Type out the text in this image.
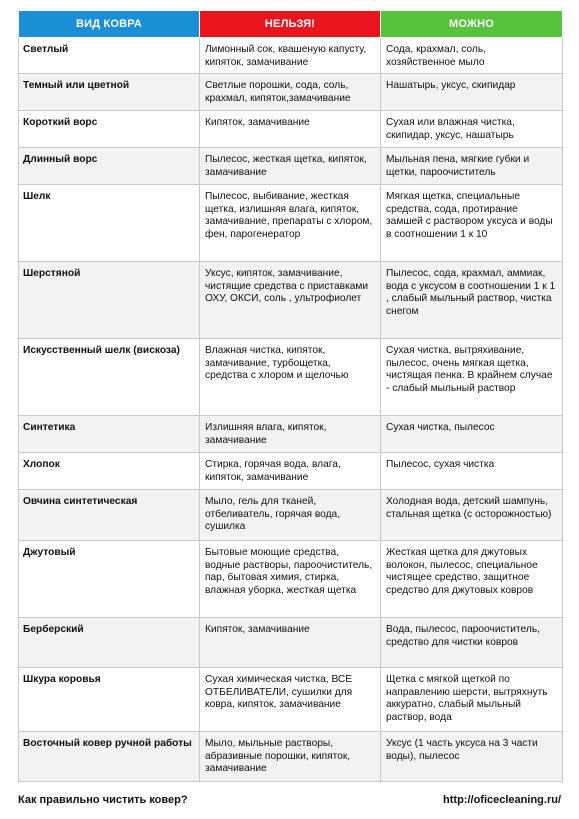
ВИД КОВРА	НЕЛЬЗЯ!	МОЖНО
Светлый	Лимонный сок, квашеную капусту, кипяток, замачивание	Сода, крахмал, соль, хозяйственное мыло
Темный или цветной	Светлые порошки, сода, соль, крахмал, кипяток,замачивание	Нашатырь, уксус, скипидар
Короткий ворс	Кипяток, замачивание	Сухая или влажная чистка, скипидар, уксус, нашатырь
Длинный ворс	Пылесос, жесткая щетка, кипяток, замачивание	Мыльная пена, мягкие губки и щетки, пароочиститель
Шелк	Пылесос, выбивание, жесткая щетка, излишняя влага, кипяток, замачивание, препараты с хлором, фен, парогенератор	Мягкая щетка, специальные средства, сода, протирание замшей с раствором уксуса и воды в соотношении 1 к 10
Шерстяной	Уксус, кипяток, замачивание, чистящие средства с приставками ОХУ, ОКСИ, соль , ультрофиолет	Пылесос, сода, крахмал, аммиак, вода с уксусом в соотношении 1 к 1 , слабый мыльный раствор, чистка снегом
Искусственный шелк (вискоза)	Влажная чистка, кипяток, замачивание, турбощетка, средства с хлором и щелочью	Сухая чистка, вытряхивание, пылесос, очень мягкая щетка, чистящая пенка. В крайнем случае - слабый мыльный раствор
Синтетика	Излишняя влага, кипяток, замачивание	Сухая чистка, пылесос
Хлопок	Стирка, горячая вода, влага, кипяток, замачивание	Пылесос, сухая чистка
Овчина синтетическая	Мыло, гель для тканей, отбеливатель, горячая вода, сушилка	Холодная вода, детский шампунь, стальная щетка (с осторожностью)
Джутовый	Бытовые моющие средства, водные растворы, пароочиститель, пар, бытовая химия, стирка, влажная уборка, жесткая щетка	Жесткая щетка для джутовых волокон, пылесос, специальное чистящее средство, защитное средство для джутовых ковров
Берберский	Кипяток, замачивание	Вода, пылесос, пароочиститель, средство для чистки ковров
Шкура коровья	Сухая химическая чистка, ВСЕ ОТБЕЛИВАТЕЛИ, сушилки для ковра, кипяток, замачивание	Щетка с мягкой щеткой по направлению шерсти, вытряхнуть аккуратно, слабый мыльный раствор, вода
Восточный ковер ручной работы	Мыло, мыльные растворы, абразивные порошки, кипяток, замачивание	Уксус (1 часть уксуса на 3 части воды), пылесос
Как правильно чистить ковер?	http://oficecleaning.ru/
